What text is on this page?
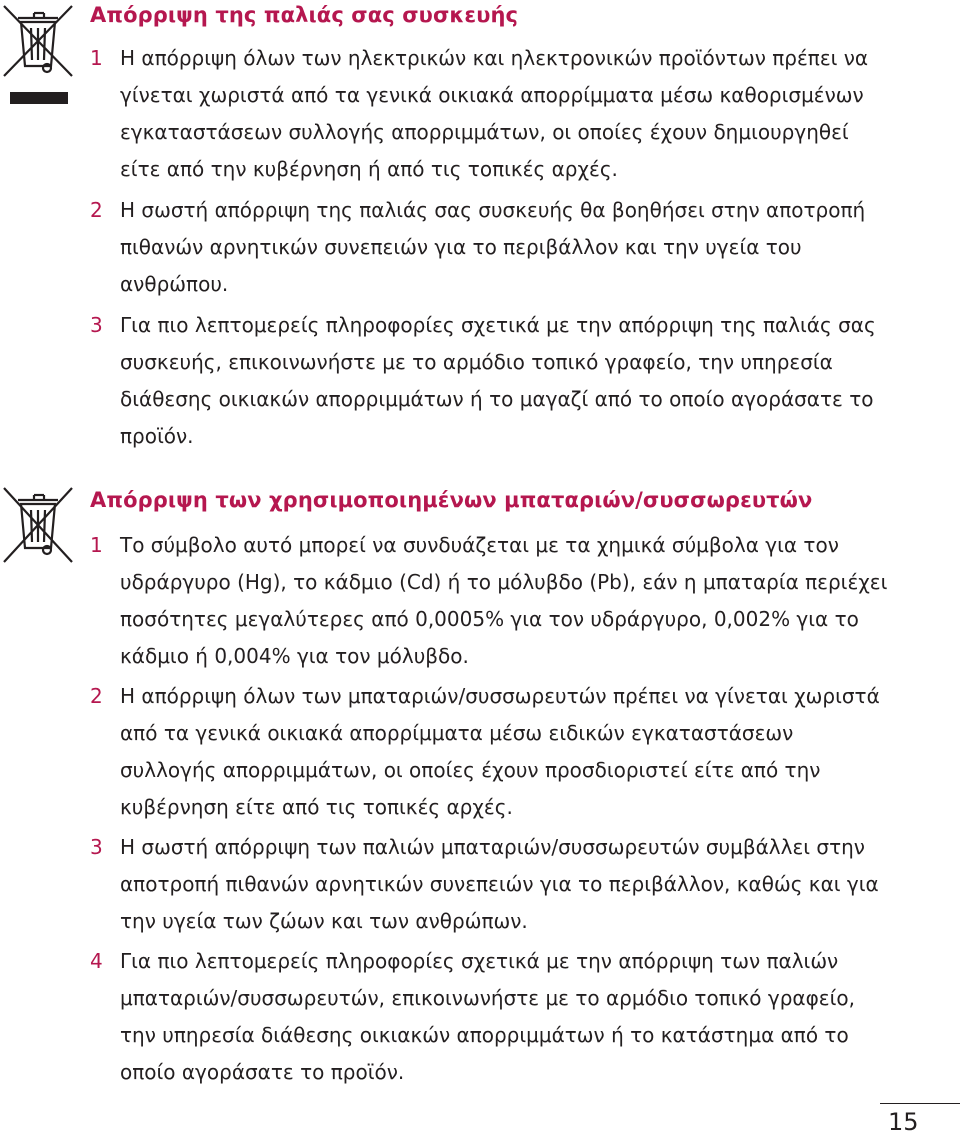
Απόρριψη της παλιάς σας συσκευής
1 Η απόρριψη όλων των ηλεκτρικών και ηλεκτρονικών προϊόντων πρέπει να γίνεται χωριστά από τα γενικά οικιακά απορρίμματα μέσω καθορισμένων εγκαταστάσεων συλλογής απορριμμάτων, οι οποίες έχουν δημιουργηθεί είτε από την κυβέρνηση ή από τις τοπικές αρχές.
2 Η σωστή απόρριψη της παλιάς σας συσκευής θα βοηθήσει στην αποτροπή πιθανών αρνητικών συνεπειών για το περιβάλλον και την υγεία του ανθρώπου.
3 Για πιο λεπτομερείς πληροφορίες σχετικά με την απόρριψη της παλιάς σας συσκευής, επικοινωνήστε με το αρμόδιο τοπικό γραφείο, την υπηρεσία διάθεσης οικιακών απορριμμάτων ή το μαγαζί από το οποίο αγοράσατε το προϊόν.
Απόρριψη των χρησιμοποιημένων μπαταριών/συσσωρευτών
1 Το σύμβολο αυτό μπορεί να συνδυάζεται με τα χημικά σύμβολα για τον υδράργυρο (Hg), το κάδμιο (Cd) ή το μόλυβδο (Pb), εάν η μπαταρία περιέχει ποσότητες μεγαλύτερες από 0,0005% για τον υδράργυρο, 0,002% για το κάδμιο ή 0,004% για τον μόλυβδο.
2 Η απόρριψη όλων των μπαταριών/συσσωρευτών πρέπει να γίνεται χωριστά από τα γενικά οικιακά απορρίμματα μέσω ειδικών εγκαταστάσεων συλλογής απορριμμάτων, οι οποίες έχουν προσδιοριστεί είτε από την κυβέρνηση είτε από τις τοπικές αρχές.
3 Η σωστή απόρριψη των παλιών μπαταριών/συσσωρευτών συμβάλλει στην αποτροπή πιθανών αρνητικών συνεπειών για το περιβάλλον, καθώς και για την υγεία των ζώων και των ανθρώπων.
4 Για πιο λεπτομερείς πληροφορίες σχετικά με την απόρριψη των παλιών μπαταριών/συσσωρευτών, επικοινωνήστε με το αρμόδιο τοπικό γραφείο, την υπηρεσία διάθεσης οικιακών απορριμμάτων ή το κατάστημα από το οποίο αγοράσατε το προϊόν.
15
